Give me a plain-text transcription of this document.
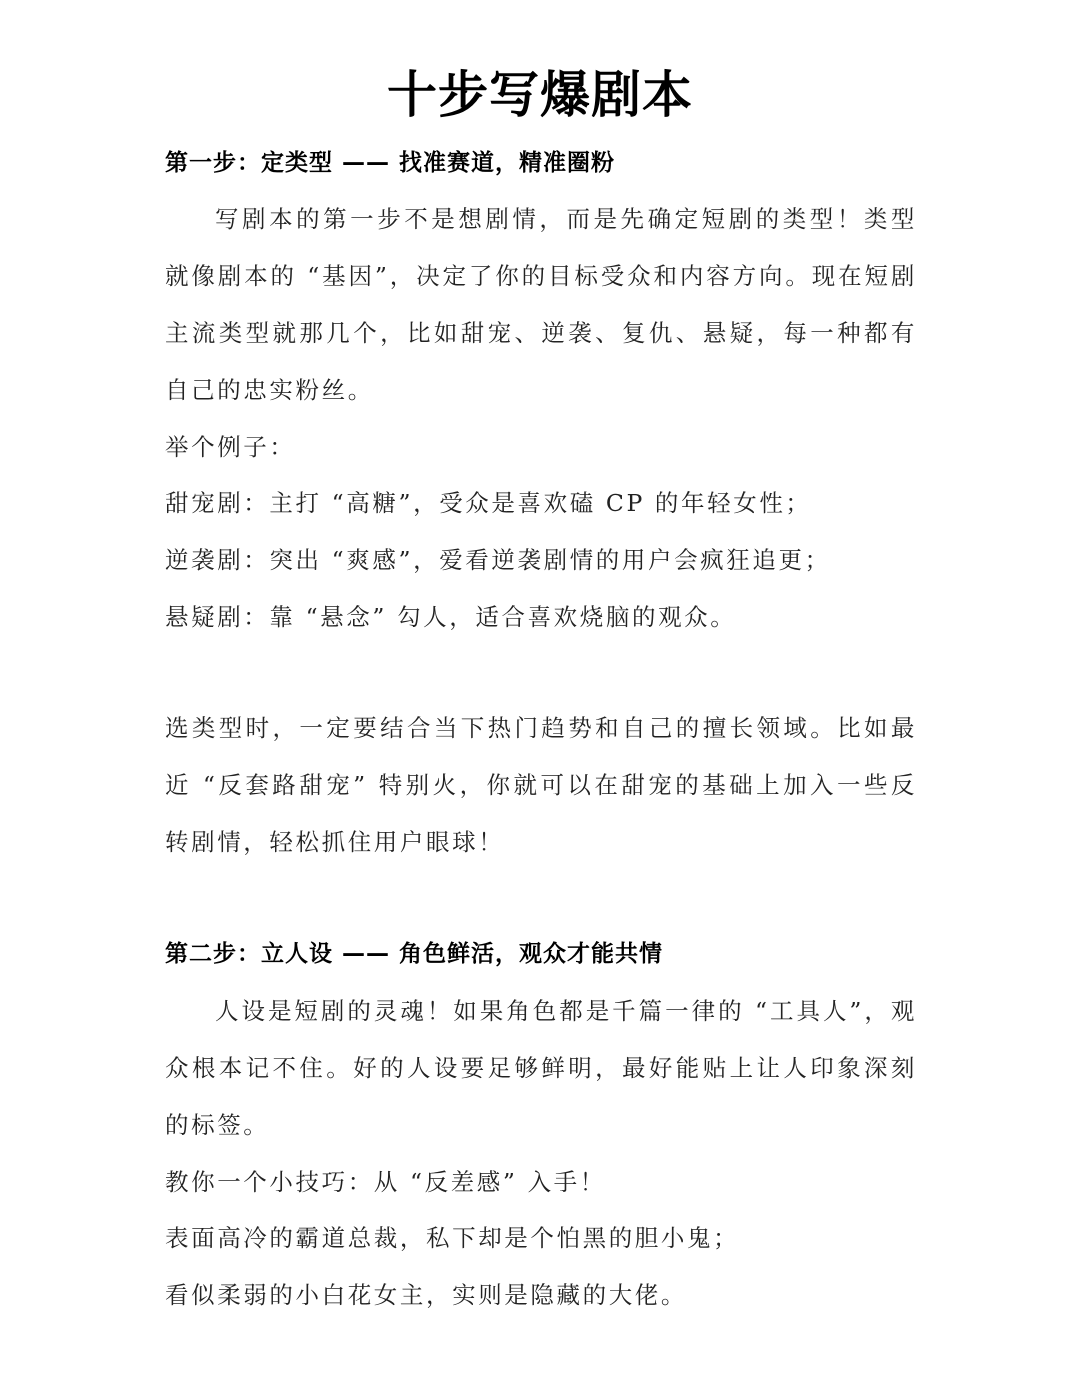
十步写爆剧本
第一步：定类型 —— 找准赛道，精准圈粉

写剧本的第一步不是想剧情，而是先确定短剧的类型！类型就像剧本的 “基因”，决定了你的目标受众和内容方向。现在短剧主流类型就那几个，比如甜宠、逆袭、复仇、悬疑，每一种都有自己的忠实粉丝。

举个例子：
甜宠剧：主打 “高糖”，受众是喜欢磕 CP 的年轻女性；
逆袭剧：突出 “爽感”，爱看逆袭剧情的用户会疯狂追更；
悬疑剧：靠 “悬念” 勾人，适合喜欢烧脑的观众。

选类型时，一定要结合当下热门趋势和自己的擅长领域。比如最近 “反套路甜宠” 特别火，你就可以在甜宠的基础上加入一些反转剧情，轻松抓住用户眼球！

第二步：立人设 —— 角色鲜活，观众才能共情

人设是短剧的灵魂！如果角色都是千篇一律的 “工具人”，观众根本记不住。好的人设要足够鲜明，最好能贴上让人印象深刻的标签。

教你一个小技巧：从 “反差感” 入手！
表面高冷的霸道总裁，私下却是个怕黑的胆小鬼；
看似柔弱的小白花女主，实则是隐藏的大佬。
